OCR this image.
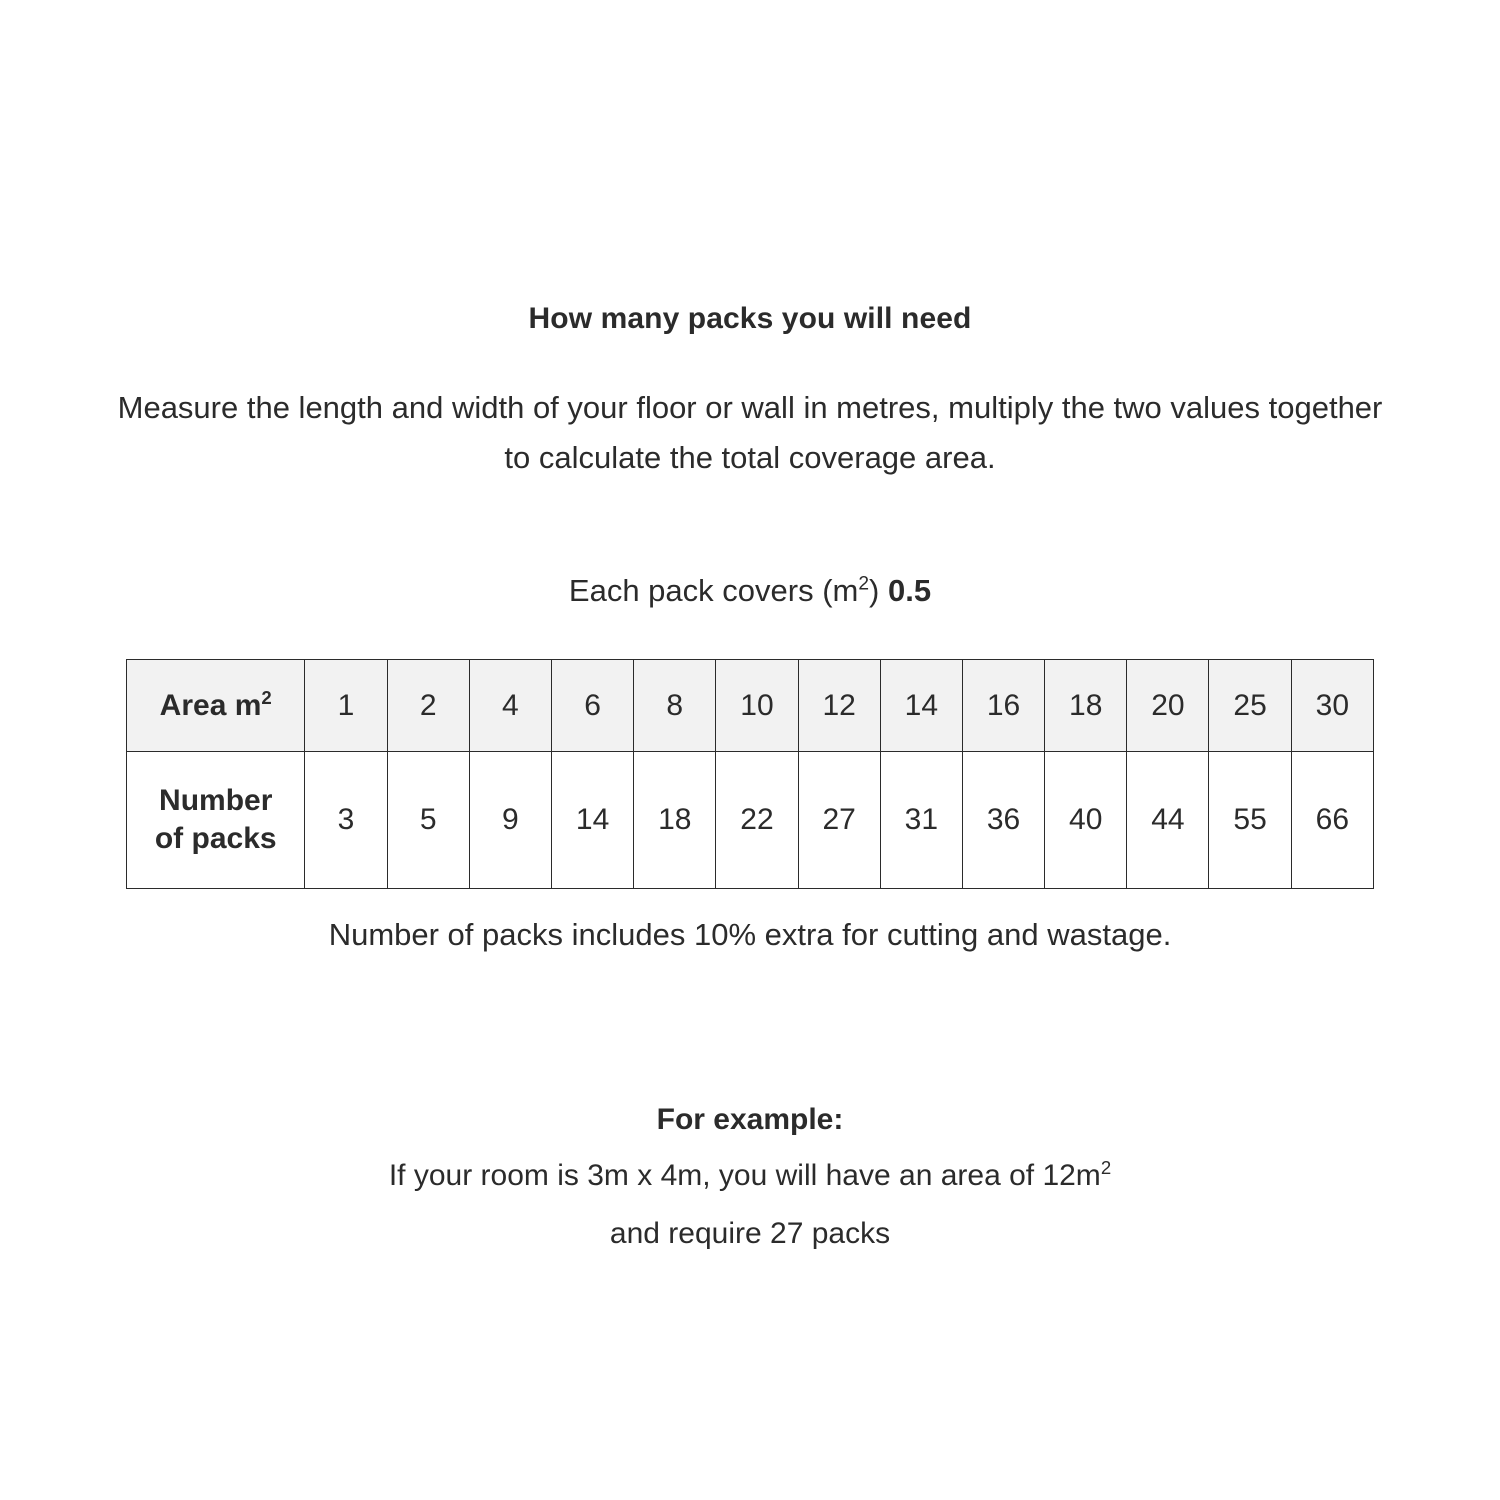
How many packs you will need
Measure the length and width of your floor or wall in metres, multiply the two values together to calculate the total coverage area.
Each pack covers $(m^2)$ 0.5
Area $m^2$	1	2	4	6	8	10	12	14	16	18	20	25	30

Number
of packs	3	5	9	14	18	22	27	31	36	40	44	55	66
Number of packs includes 10% extra for cutting and wastage.
For example:
If your room is 3m x 4m, you will have an area of $12m^2$
and require 27 packs
